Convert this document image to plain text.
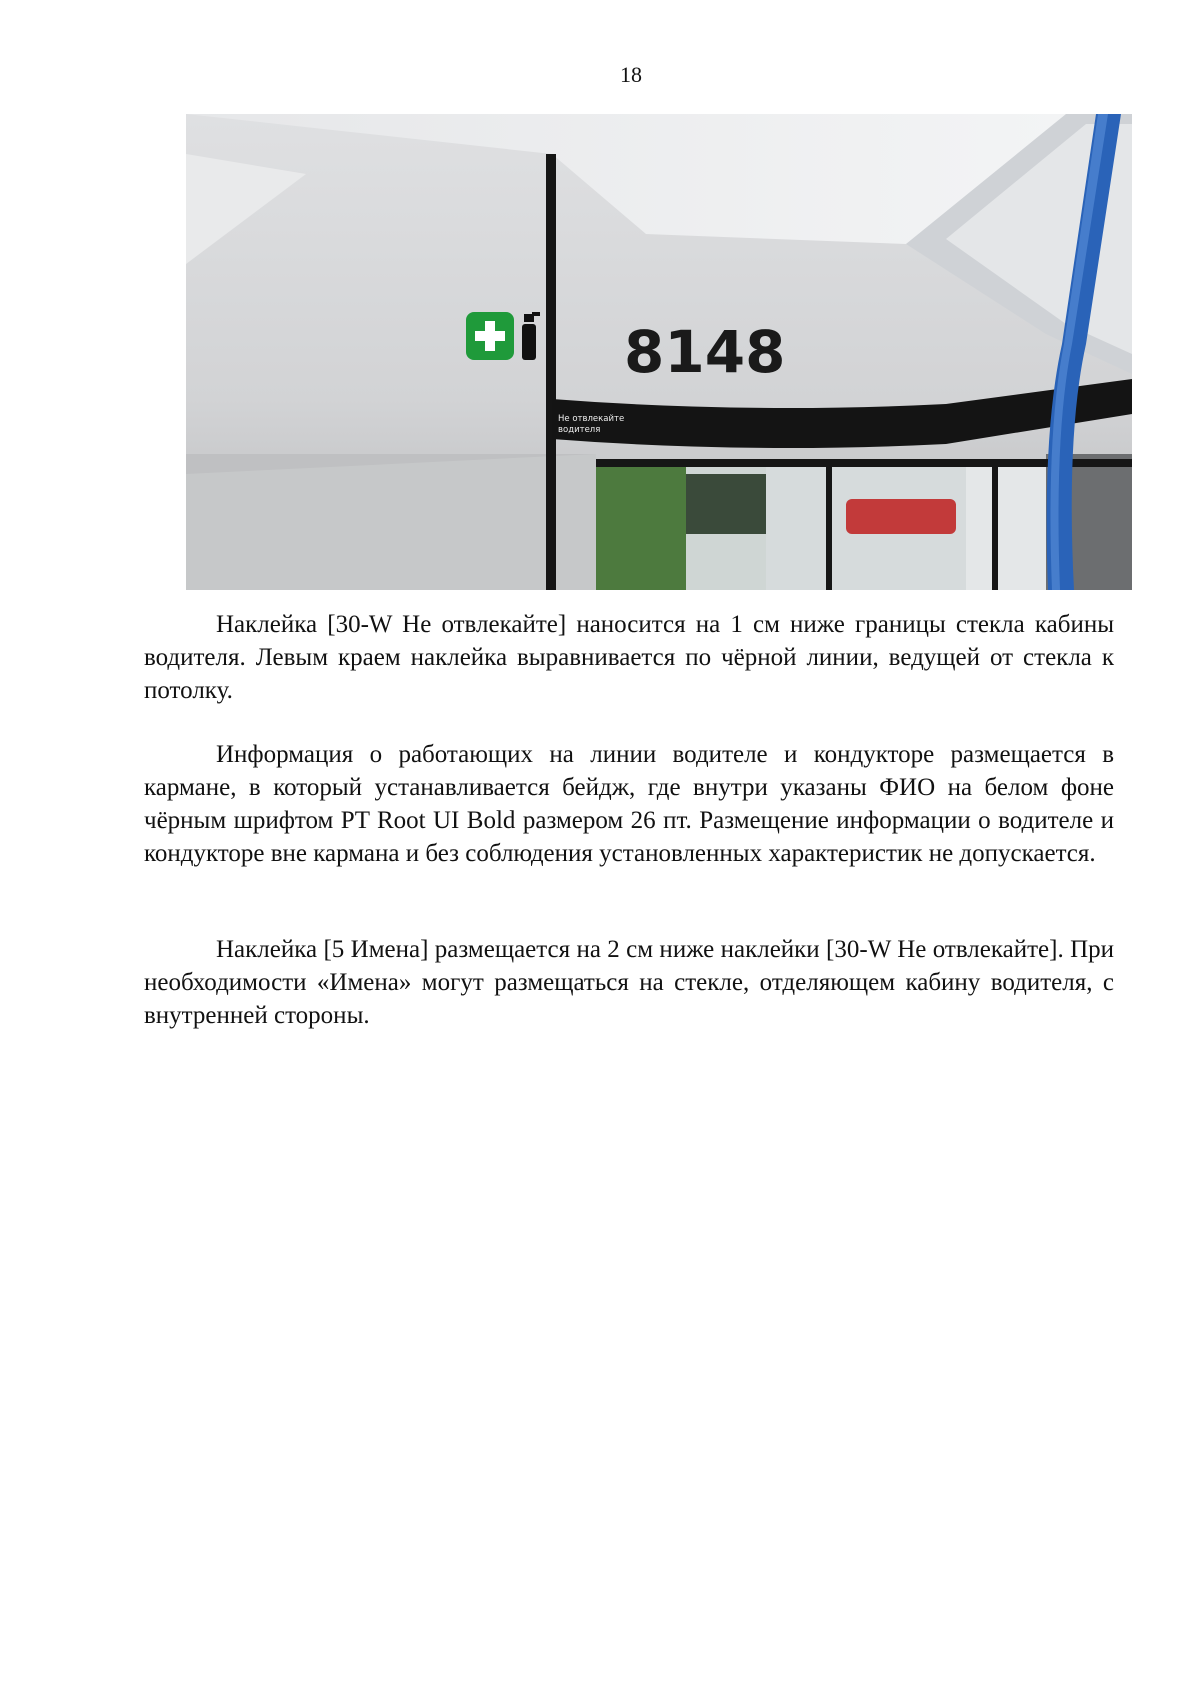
18
8148
Не отвлекайте
водителя

Наклейка [30-W Не отвлекайте] наносится на 1 см ниже границы стекла кабины водителя. Левым краем наклейка выравнивается по чёрной линии, ведущей от стекла к потолку.

Информация о работающих на линии водителе и кондукторе размещается в кармане, в который устанавливается бейдж, где внутри указаны ФИО на белом фоне чёрным шрифтом PT Root UI Bold размером 26 пт. Размещение информации о водителе и кондукторе вне кармана и без соблюдения установленных характеристик не допускается.

Наклейка [5 Имена] размещается на 2 см ниже наклейки [30-W Не отвлекайте]. При необходимости «Имена» могут размещаться на стекле, отделяющем кабину водителя, с внутренней стороны.
